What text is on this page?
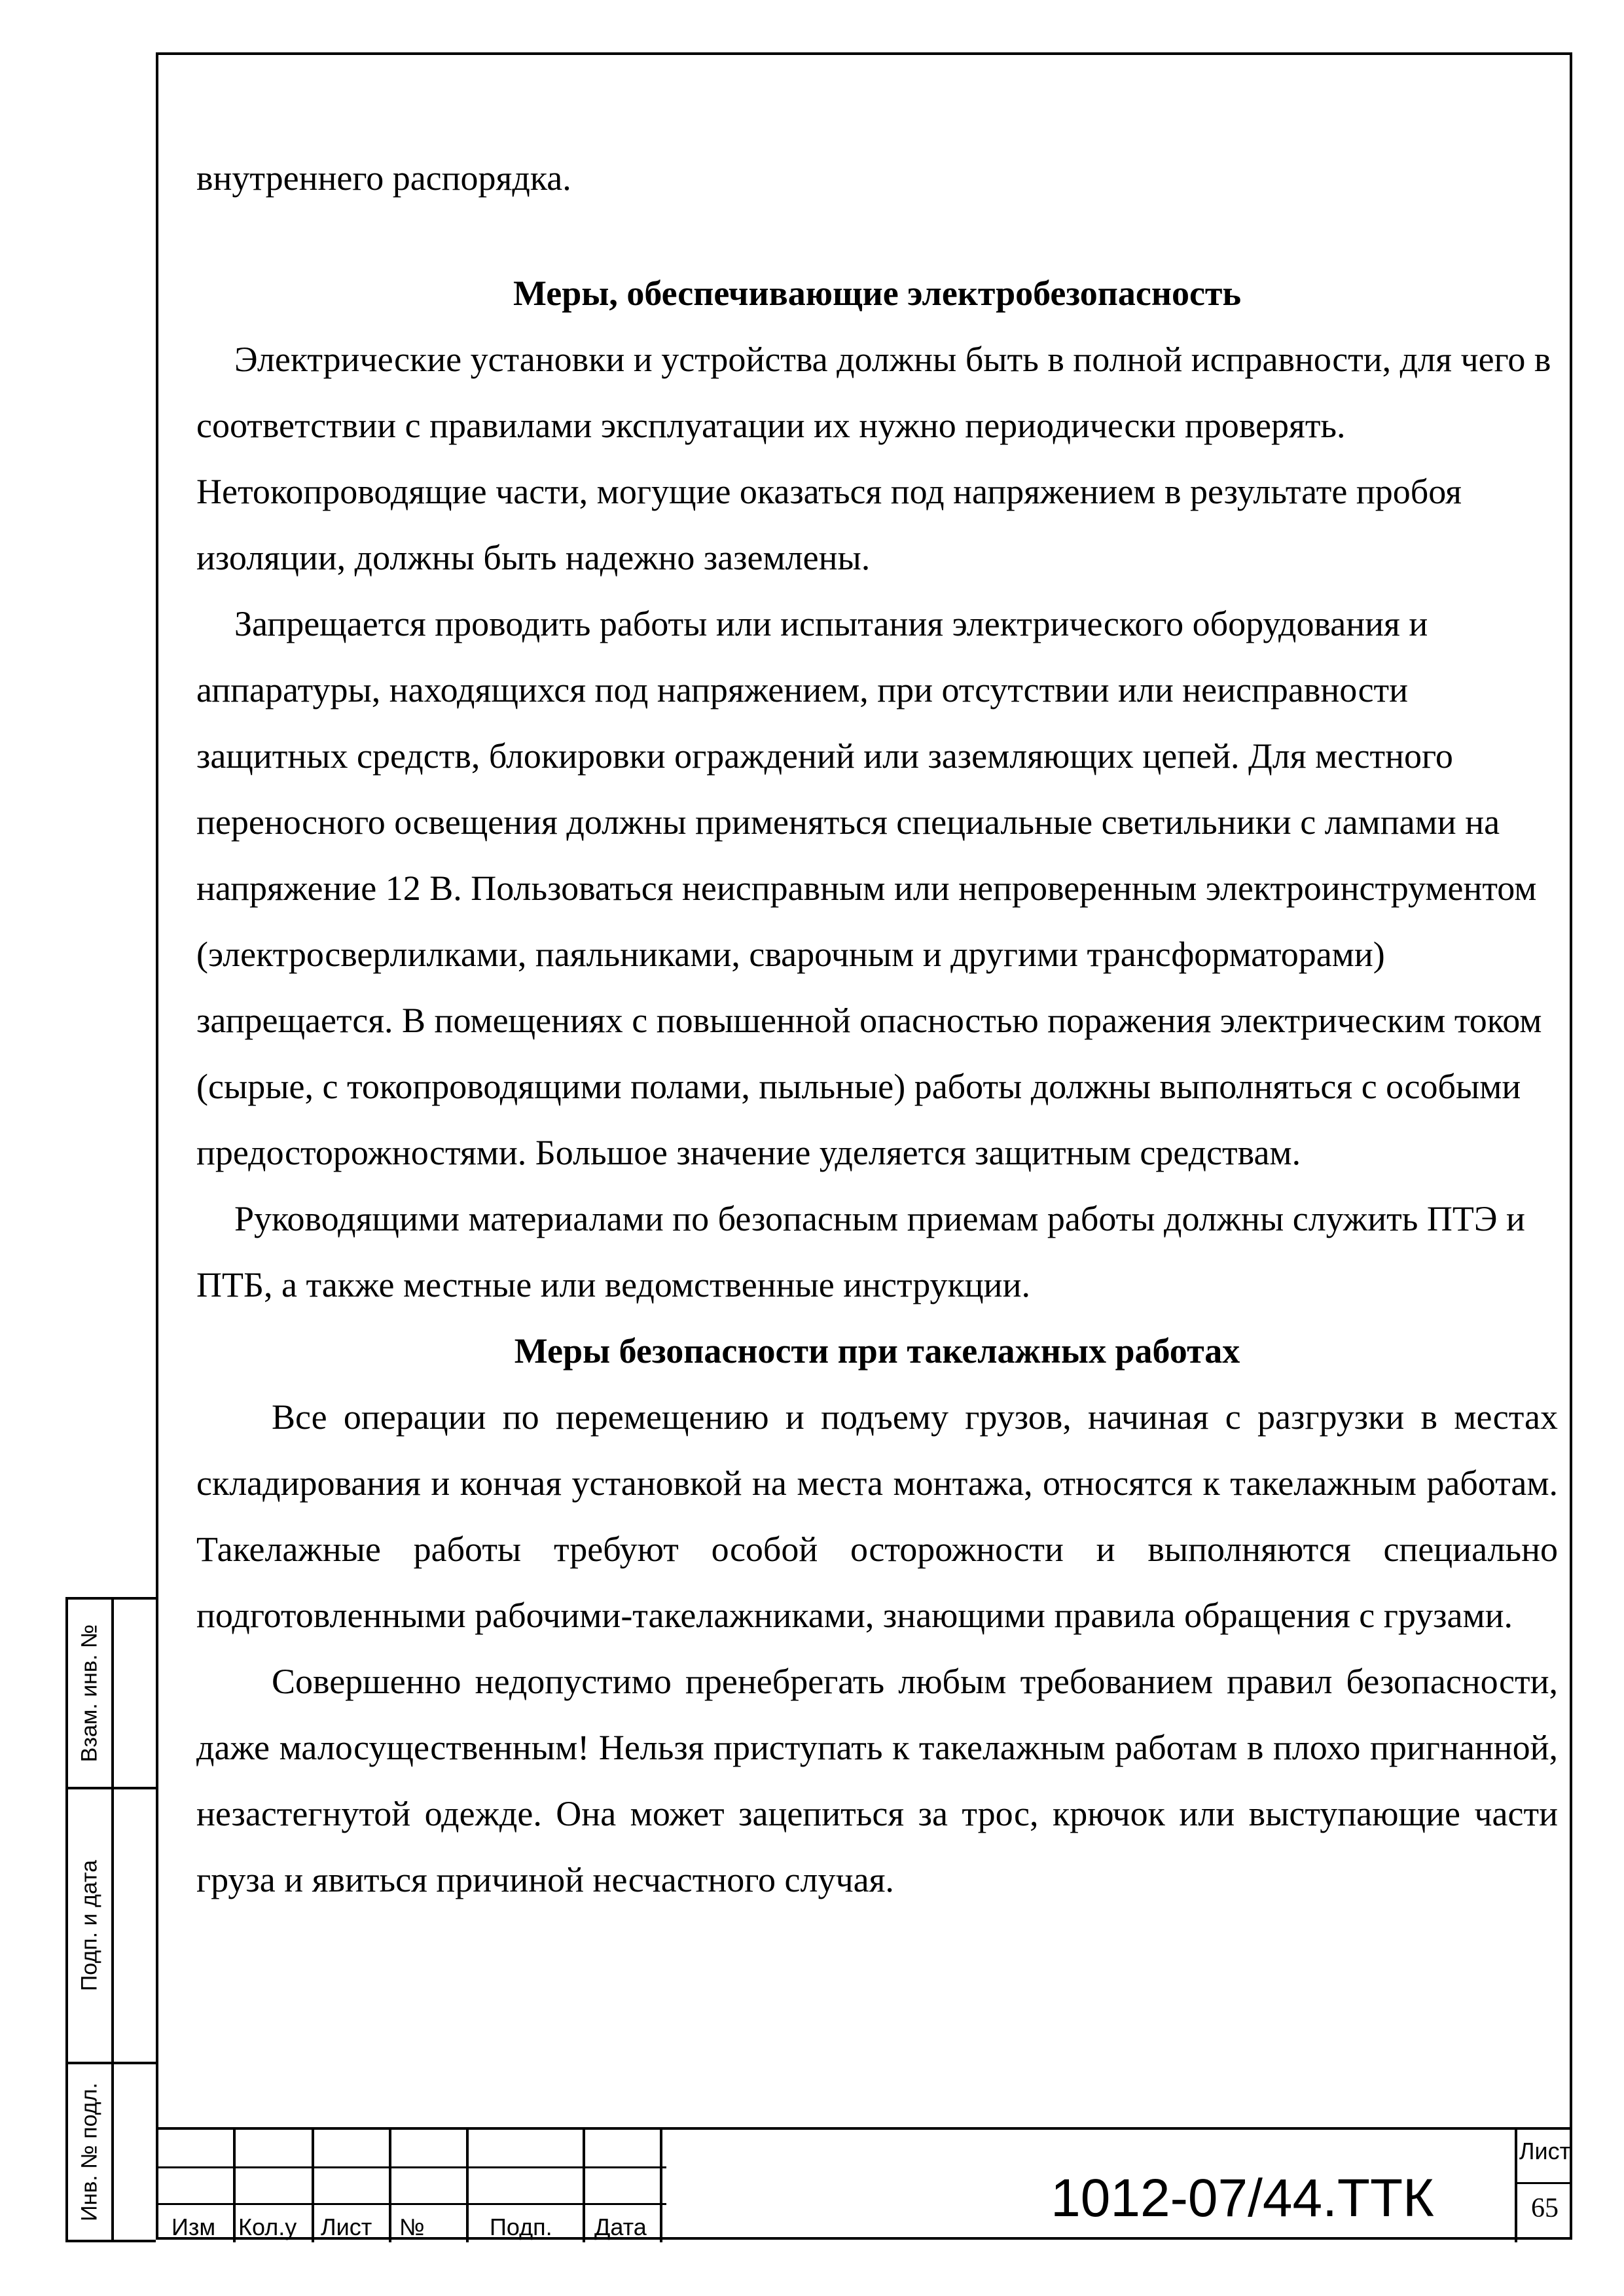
внутреннего распорядка.

Меры, обеспечивающие электробезопасность

Электрические установки и устройства должны быть в полной исправности, для чего в соответствии с правилами эксплуатации их нужно периодически проверять. Нетокопроводящие части, могущие оказаться под напряжением в результате пробоя изоляции, должны быть надежно заземлены.

Запрещается проводить работы или испытания электрического оборудования и аппаратуры, находящихся под напряжением, при отсутствии или неисправности защитных средств, блокировки ограждений или заземляющих цепей. Для местного переносного освещения должны применяться специальные светильники с лампами на напряжение 12 В. Пользоваться неисправным или непроверенным электроинструментом (электросверлилками, паяльниками, сварочным и другими трансформаторами) запрещается. В помещениях с повышенной опасностью поражения электрическим током (сырые, с токопроводящими полами, пыльные) работы должны выполняться с особыми предосторожностями. Большое значение уделяется защитным средствам.

Руководящими материалами по безопасным приемам работы должны служить ПТЭ и ПТБ, а также местные или ведомственные инструкции.

Меры безопасности при такелажных работах

Все операции по перемещению и подъему грузов, начиная с разгрузки в местах складирования и кончая установкой на места монтажа, относятся к такелажным работам. Такелажные работы требуют особой осторожности и выполняются специально подготовленными рабочими-такелажниками, знающими правила обращения с грузами.

Совершенно недопустимо пренебрегать любым требованием правил безопасности, даже малосущественным! Нельзя приступать к такелажным работам в плохо пригнанной, незастегнутой одежде. Она может зацепиться за трос, крючок или выступающие части груза и явиться причиной несчастного случая.

Взам. инв. №
Подп. и дата
Инв. № подл.
Изм Кол.у Лист №	Подп. Дата	1012-07/44.ТТК
Лист
65
